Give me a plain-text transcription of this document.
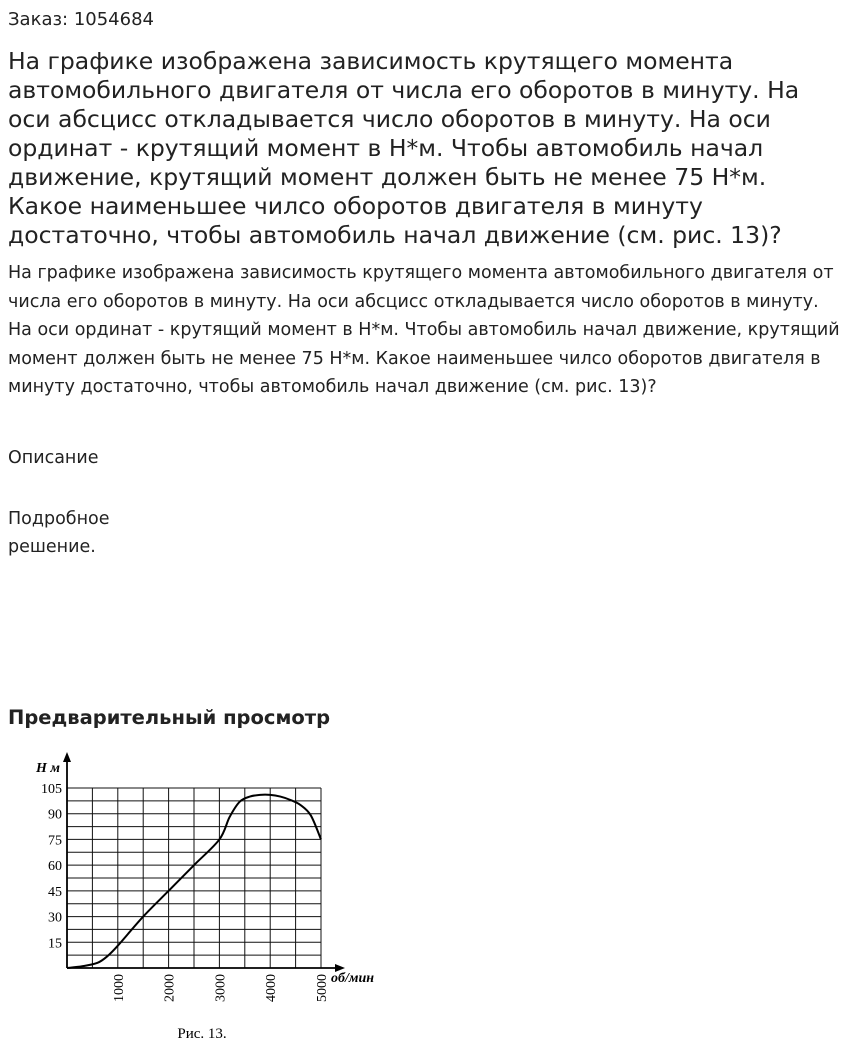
Заказ: 1054684
На графике изображена зависимость крутящего момента автомобильного двигателя от числа его оборотов в минуту. На оси абсцисс откладывается число оборотов в минуту. На оси ординат - крутящий момент в Н*м. Чтобы автомобиль начал движение, крутящий момент должен быть не менее 75 Н*м. Какое наименьшее чилсо оборотов двигателя в минуту достаточно, чтобы автомобиль начал движение (см. рис. 13)?
На графике изображена зависимость крутящего момента автомобильного двигателя от числа его оборотов в минуту. На оси абсцисс откладывается число оборотов в минуту. На оси ординат - крутящий момент в Н*м. Чтобы автомобиль начал движение, крутящий момент должен быть не менее 75 Н*м. Какое наименьшее чилсо оборотов двигателя в минуту достаточно, чтобы автомобиль начал движение (см. рис. 13)?
Описание
Подробное решение.
Предварительный просмотр
15
30
45
60
75
90
105
1000	2000	3000	4000	5000
Н м
об/мин
Рис. 13.
